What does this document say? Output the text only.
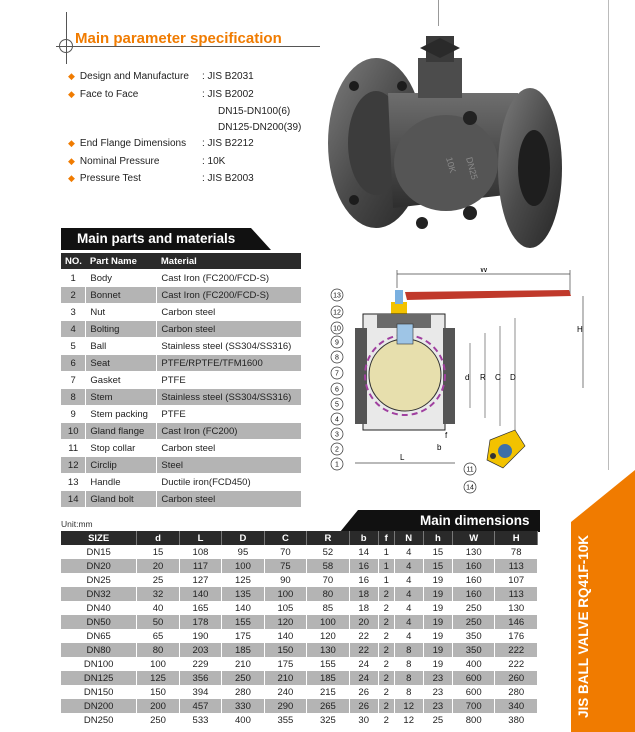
Main parameter specification
◆ Design and Manufacture : JIS B2031
◆ Face to Face	: JIS B2002
DN15-DN100(6)
DN125-DN200(39)
◆ End Flange Dimensions : JIS B2212
◆ Nominal Pressure	: 10K
◆ Pressure Test	: JIS B2003
10K DN25
Main parts and materials
NO.	Part Name	Material
1	Body	Cast Iron (FC200/FCD-S)
2	Bonnet	Cast Iron (FC200/FCD-S)
3	Nut	Carbon steel
4	Bolting	Carbon steel
5	Ball	Stainless steel (SS304/SS316)
6	Seat	PTFE/RPTFE/TFM1600
7	Gasket	PTFE
8	Stem	Stainless steel (SS304/SS316)
9	Stem packing	PTFE
10	Gland flange	Cast Iron (FC200)
11	Stop collar	Carbon steel
12	Circlip	Steel
13	Handle	Ductile iron(FCD450)
14	Gland bolt	Carbon steel
W
H
d R C D
f
b
L
13
12
10
9
8
7
6
5
4
3
2
1
11
14
Unit:mm	Main dimensions
SIZE	d	L	D	C	R	b	f	N	h	W	H
DN15	15	108	95	70	52	14	1	4	15	130	78
DN20	20	117	100	75	58	16	1	4	15	160	113
DN25	25	127	125	90	70	16	1	4	19	160	107
DN32	32	140	135	100	80	18	2	4	19	160	113
DN40	40	165	140	105	85	18	2	4	19	250	130
DN50	50	178	155	120	100	20	2	4	19	250	146
DN65	65	190	175	140	120	22	2	4	19	350	176
DN80	80	203	185	150	130	22	2	8	19	350	222
DN100	100	229	210	175	155	24	2	8	19	400	222
DN125	125	356	250	210	185	24	2	8	23	600	260
DN150	150	394	280	240	215	26	2	8	23	600	280
DN200	200	457	330	290	265	26	2	12	23	700	340
DN250	250	533	400	355	325	30	2	12	25	800	380
JIS BALL VALVE RQ41F-10K
